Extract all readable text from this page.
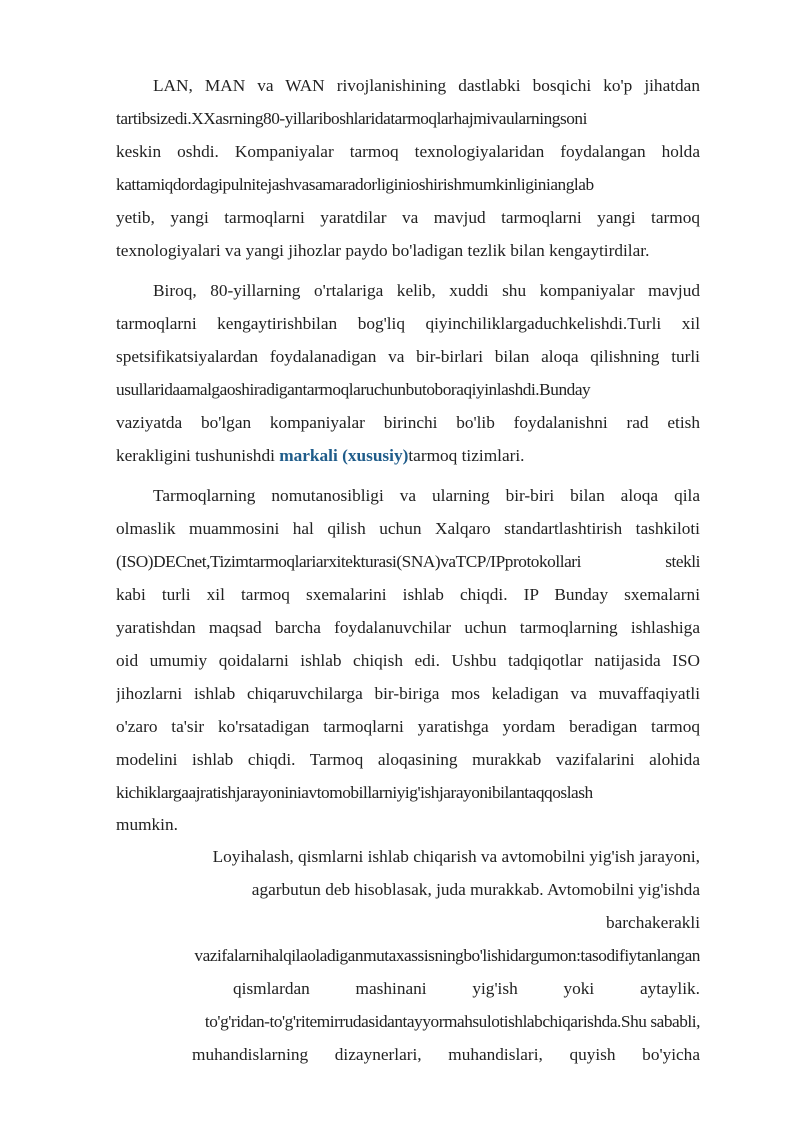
LAN, MAN va WAN rivojlanishining dastlabki bosqichi ko'p jihatdan
tartibsizedi.XXasrning80-yillariboshlaridatarmoqlarhajmivaularningsoni
keskin oshdi. Kompaniyalar tarmoq texnologiyalaridan foydalangan holda
kattamiqdordagipulnitejashvasamaradorliginioshirishmumkinliginianglab
yetib, yangi tarmoqlarni yaratdilar va mavjud tarmoqlarni yangi tarmoq
texnologiyalari va yangi jihozlar paydo bo'ladigan tezlik bilan kengaytirdilar.
Biroq, 80-yillarning o'rtalariga kelib, xuddi shu kompaniyalar mavjud
tarmoqlarni kengaytirishbilan bog'liq qiyinchiliklargaduchkelishdi.Turli xil
spetsifikatsiyalardan foydalanadigan va bir-birlari bilan aloqa qilishning turli
usullaridaamalgaoshiradigantarmoqlaruchunbutoboraqiyinlashdi.Bunday
vaziyatda bo'lgan kompaniyalar birinchi bo'lib foydalanishni rad etish
kerakligini tushunishdi markali (xususiy)tarmoq tizimlari.
Tarmoqlarning nomutanosibligi va ularning bir-biri bilan aloqa qila
olmaslik muammosini hal qilish uchun Xalqaro standartlashtirish tashkiloti
(ISO)DECnet,Tizimtarmoqlariarxitekturasi(SNA)vaTCP/IPprotokollari stekli
kabi turli xil tarmoq sxemalarini ishlab chiqdi. IP Bunday sxemalarni
yaratishdan maqsad barcha foydalanuvchilar uchun tarmoqlarning ishlashiga
oid umumiy qoidalarni ishlab chiqish edi. Ushbu tadqiqotlar natijasida ISO
jihozlarni ishlab chiqaruvchilarga bir-biriga mos keladigan va muvaffaqiyatli
o'zaro ta'sir ko'rsatadigan tarmoqlarni yaratishga yordam beradigan tarmoq
modelini ishlab chiqdi. Tarmoq aloqasining murakkab vazifalarini alohida
kichiklargaajratishjarayoniniavtomobillarniyig'ishjarayonibilantaqqoslash
mumkin.
Loyihalash, qismlarni ishlab chiqarish va avtomobilni yig'ish jarayoni,
agarbutun deb hisoblasak, juda murakkab. Avtomobilni yig'ishda
barchakerakli
vazifalarnihalqilaoladiganmutaxassisningbo'lishidargumon:tasodifiytanlangan
qismlardan mashinani yig'ish yoki aytaylik.
to'g'ridan-to'g'ritemirrudasidantayyormahsulotishlabchiqarishda.Shu sababli,
muhandislarning dizaynerlari, muhandislari, quyish bo'yicha
